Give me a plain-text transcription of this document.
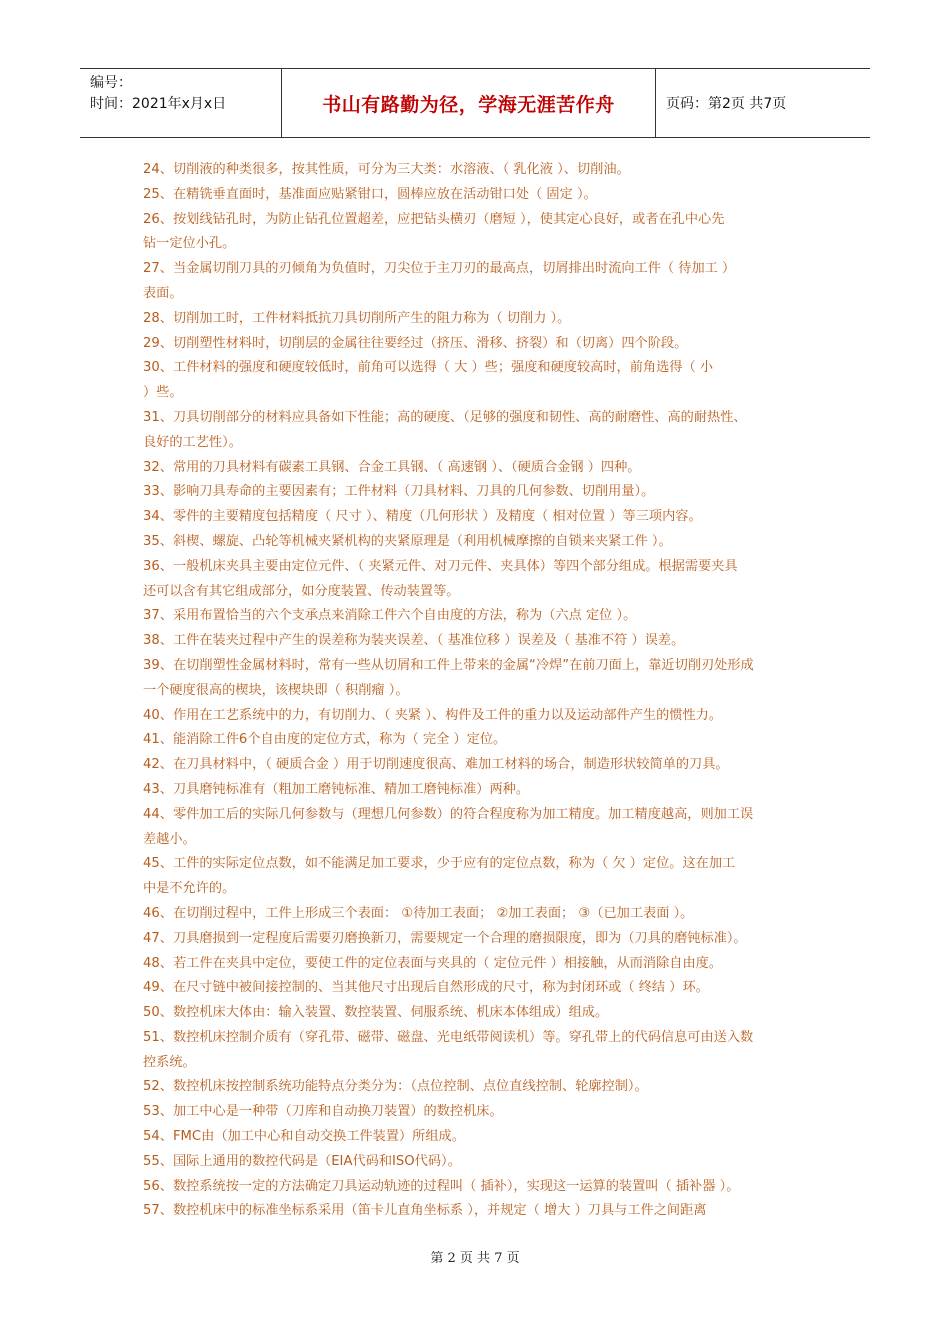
编号：
时间：2021年x月x日	书山有路勤为径，学海无涯苦作舟	页码：第2页 共7页
24、切削液的种类很多，按其性质，可分为三大类：水溶液、（ 乳化液 ）、切削油。
25、在精铣垂直面时，基准面应贴紧钳口，圆棒应放在活动钳口处（ 固定 ）。
26、按划线钻孔时，为防止钻孔位置超差，应把钻头横刃（磨短 ），使其定心良好，或者在孔中心先
钻一定位小孔。
27、当金属切削刀具的刃倾角为负值时，刀尖位于主刀刃的最高点，切屑排出时流向工件（ 待加工 ）
表面。
28、切削加工时，工件材料抵抗刀具切削所产生的阻力称为（ 切削力 ）。
29、切削塑性材料时，切削层的金属往往要经过（挤压、滑移、挤裂）和（切离）四个阶段。
30、工件材料的强度和硬度较低时，前角可以选得（ 大 ）些；强度和硬度较高时，前角选得（ 小
）些。
31、刀具切削部分的材料应具备如下性能；高的硬度、（足够的强度和韧性、高的耐磨性、高的耐热性、
良好的工艺性）。
32、常用的刀具材料有碳素工具钢、合金工具钢、（ 高速钢 ）、（硬质合金钢 ）四种。
33、影响刀具寿命的主要因素有；工件材料（刀具材料、刀具的几何参数、切削用量）。
34、零件的主要精度包括精度（ 尺寸 ）、精度（几何形状 ）及精度（ 相对位置 ）等三项内容。
35、斜楔、螺旋、凸轮等机械夹紧机构的夹紧原理是（利用机械摩擦的自锁来夹紧工件 ）。
36、一般机床夹具主要由定位元件、（ 夹紧元件、对刀元件、夹具体）等四个部分组成。根据需要夹具
还可以含有其它组成部分，如分度装置、传动装置等。
37、采用布置恰当的六个支承点来消除工件六个自由度的方法，称为（六点 定位 ）。
38、工件在装夹过程中产生的误差称为装夹误差、（ 基准位移 ）误差及（ 基准不符 ）误差。
39、在切削塑性金属材料时，常有一些从切屑和工件上带来的金属“冷焊”在前刀面上，靠近切削刃处形成
一个硬度很高的楔块，该楔块即（ 积削瘤 ）。
40、作用在工艺系统中的力，有切削力、（ 夹紧 ）、构件及工件的重力以及运动部件产生的惯性力。
41、能消除工件6个自由度的定位方式，称为（ 完全 ）定位。
42、在刀具材料中，（ 硬质合金 ）用于切削速度很高、难加工材料的场合，制造形状较简单的刀具。
43、刀具磨钝标准有（粗加工磨钝标准、精加工磨钝标准）两种。
44、零件加工后的实际几何参数与（理想几何参数）的符合程度称为加工精度。加工精度越高，则加工误
差越小。
45、工件的实际定位点数，如不能满足加工要求，少于应有的定位点数，称为（ 欠 ）定位。这在加工
中是不允许的。
46、在切削过程中，工件上形成三个表面： ①待加工表面； ②加工表面； ③（已加工表面 ）。
47、刀具磨损到一定程度后需要刃磨换新刀，需要规定一个合理的磨损限度，即为（刀具的磨钝标准）。
48、若工件在夹具中定位，要使工件的定位表面与夹具的（ 定位元件 ）相接触，从而消除自由度。
49、在尺寸链中被间接控制的、当其他尺寸出现后自然形成的尺寸，称为封闭环或（ 终结 ）环。
50、数控机床大体由：输入装置、数控装置、伺服系统、机床本体组成）组成。
51、数控机床控制介质有（穿孔带、磁带、磁盘、光电纸带阅读机）等。穿孔带上的代码信息可由送入数
控系统。
52、数控机床按控制系统功能特点分类分为：（点位控制、点位直线控制、轮廓控制）。
53、加工中心是一种带（刀库和自动换刀装置）的数控机床。
54、FMC由（加工中心和自动交换工件装置）所组成。
55、国际上通用的数控代码是（EIA代码和ISO代码）。
56、数控系统按一定的方法确定刀具运动轨迹的过程叫（ 插补），实现这一运算的装置叫（ 插补器 ）。
57、数控机床中的标准坐标系采用（笛卡儿直角坐标系 ），并规定（ 增大 ）刀具与工件之间距离
第 2 页 共 7 页
